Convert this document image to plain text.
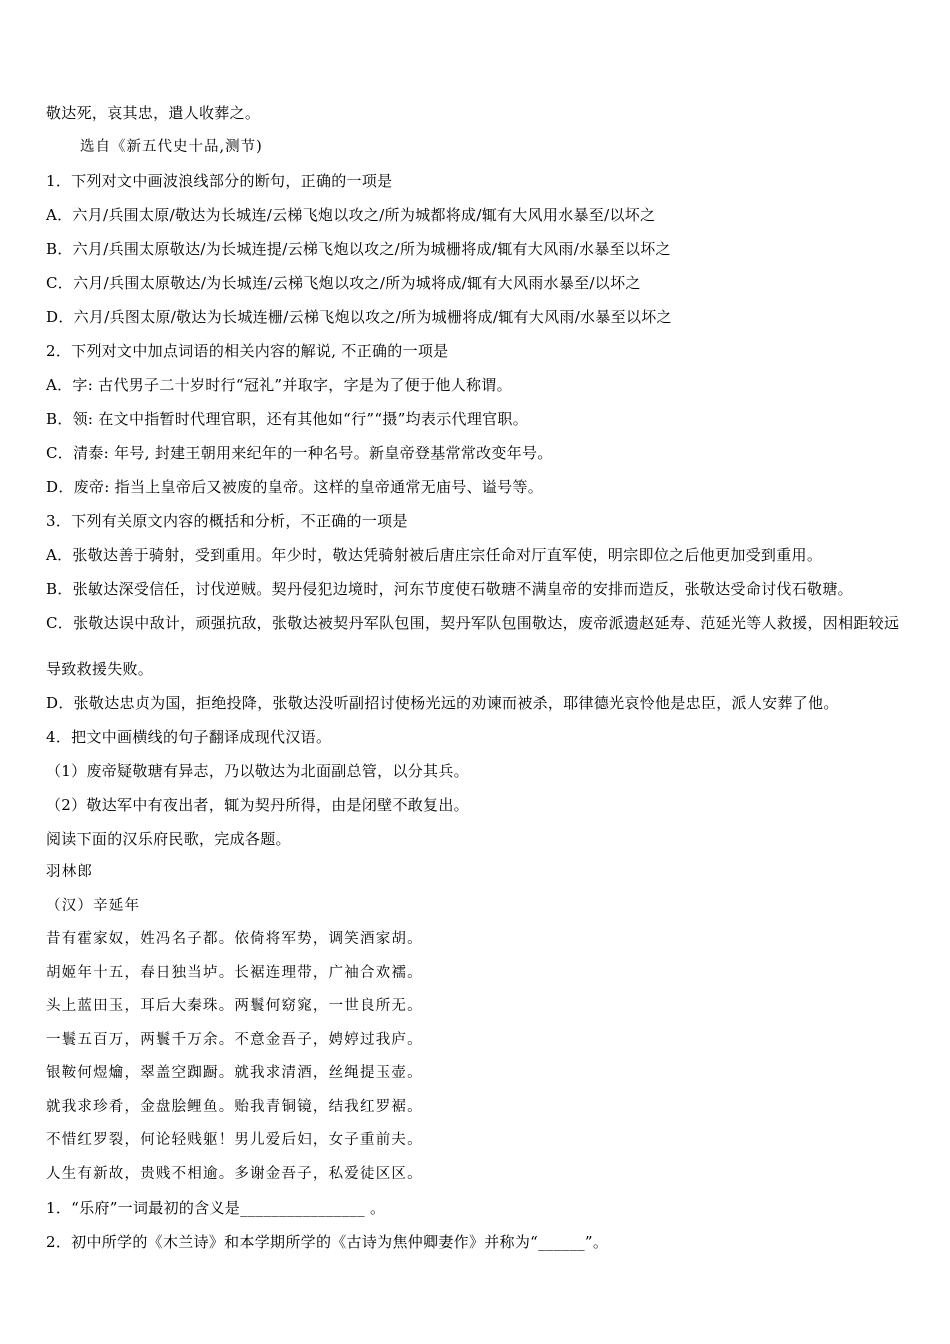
敬达死，哀其忠，遣人收葬之。
选自《新五代史十品,测节)
1．下列对文中画波浪线部分的断句，正确的一项是
A．六月/兵围太原/敬达为长城连/云梯飞炮以攻之/所为城都将成/辄有大风用水暴至/以坏之
B．六月/兵围太原敬达/为长城连提/云梯飞炮以攻之/所为城栅将成/辄有大风雨/水暴至以坏之
C．六月/兵围太原敬达/为长城连/云梯飞炮以攻之/所为城将成/辄有大风雨水暴至/以坏之
D．六月/兵图太原/敬达为长城连栅/云梯飞炮以攻之/所为城栅将成/辄有大风雨/水暴至以坏之
2．下列对文中加点词语的相关内容的解说, 不正确的一项是
A．字: 古代男子二十岁时行“冠礼”并取字，字是为了便于他人称谓。
B．领: 在文中指暂时代理官职，还有其他如“行”“摄”均表示代理官职。
C．清泰: 年号, 封建王朝用来纪年的一种名号。新皇帝登基常常改变年号。
D．废帝: 指当上皇帝后又被废的皇帝。这样的皇帝通常无庙号、谥号等。
3．下列有关原文内容的概括和分析，不正确的一项是
A．张敬达善于骑射，受到重用。年少时，敬达凭骑射被后唐庄宗任命对厅直军使，明宗即位之后他更加受到重用。
B．张敏达深受信任，讨伐逆贼。契丹侵犯边境时，河东节度使石敬瑭不满皇帝的安排而造反，张敬达受命讨伐石敬瑭。
C．张敬达误中敌计，顽强抗敌，张敬达被契丹军队包围，契丹军队包围敬达，废帝派遗赵延寿、范延光等人救援，因相距较远导致救援失败。
D．张敬达忠贞为国，拒绝投降，张敬达没听副招讨使杨光远的劝谏而被杀，耶律德光哀怜他是忠臣，派人安葬了他。
4．把文中画横线的句子翻译成现代汉语。
（1）废帝疑敬瑭有异志，乃以敬达为北面副总管，以分其兵。
（2）敬达军中有夜出者，辄为契丹所得，由是闭壁不敢复出。
阅读下面的汉乐府民歌，完成各题。
羽林郎
（汉）辛延年
昔有霍家奴，姓冯名子都。依倚将军势，调笑酒家胡。
胡姬年十五，春日独当垆。长裾连理带，广袖合欢襦。
头上蓝田玉，耳后大秦珠。两鬟何窈窕，一世良所无。
一鬟五百万，两鬟千万余。不意金吾子，娉婷过我庐。
银鞍何煜爚，翠盖空踟蹰。就我求清酒，丝绳提玉壶。
就我求珍肴，金盘脍鲤鱼。贻我青铜镜，结我红罗裾。
不惜红罗裂，何论轻贱躯！男儿爱后妇，女子重前夫。
人生有新故，贵贱不相逾。多谢金吾子，私爱徒区区。
1．“乐府”一词最初的含义是________________ 。
2．初中所学的《木兰诗》和本学期所学的《古诗为焦仲卿妻作》并称为“______”。
